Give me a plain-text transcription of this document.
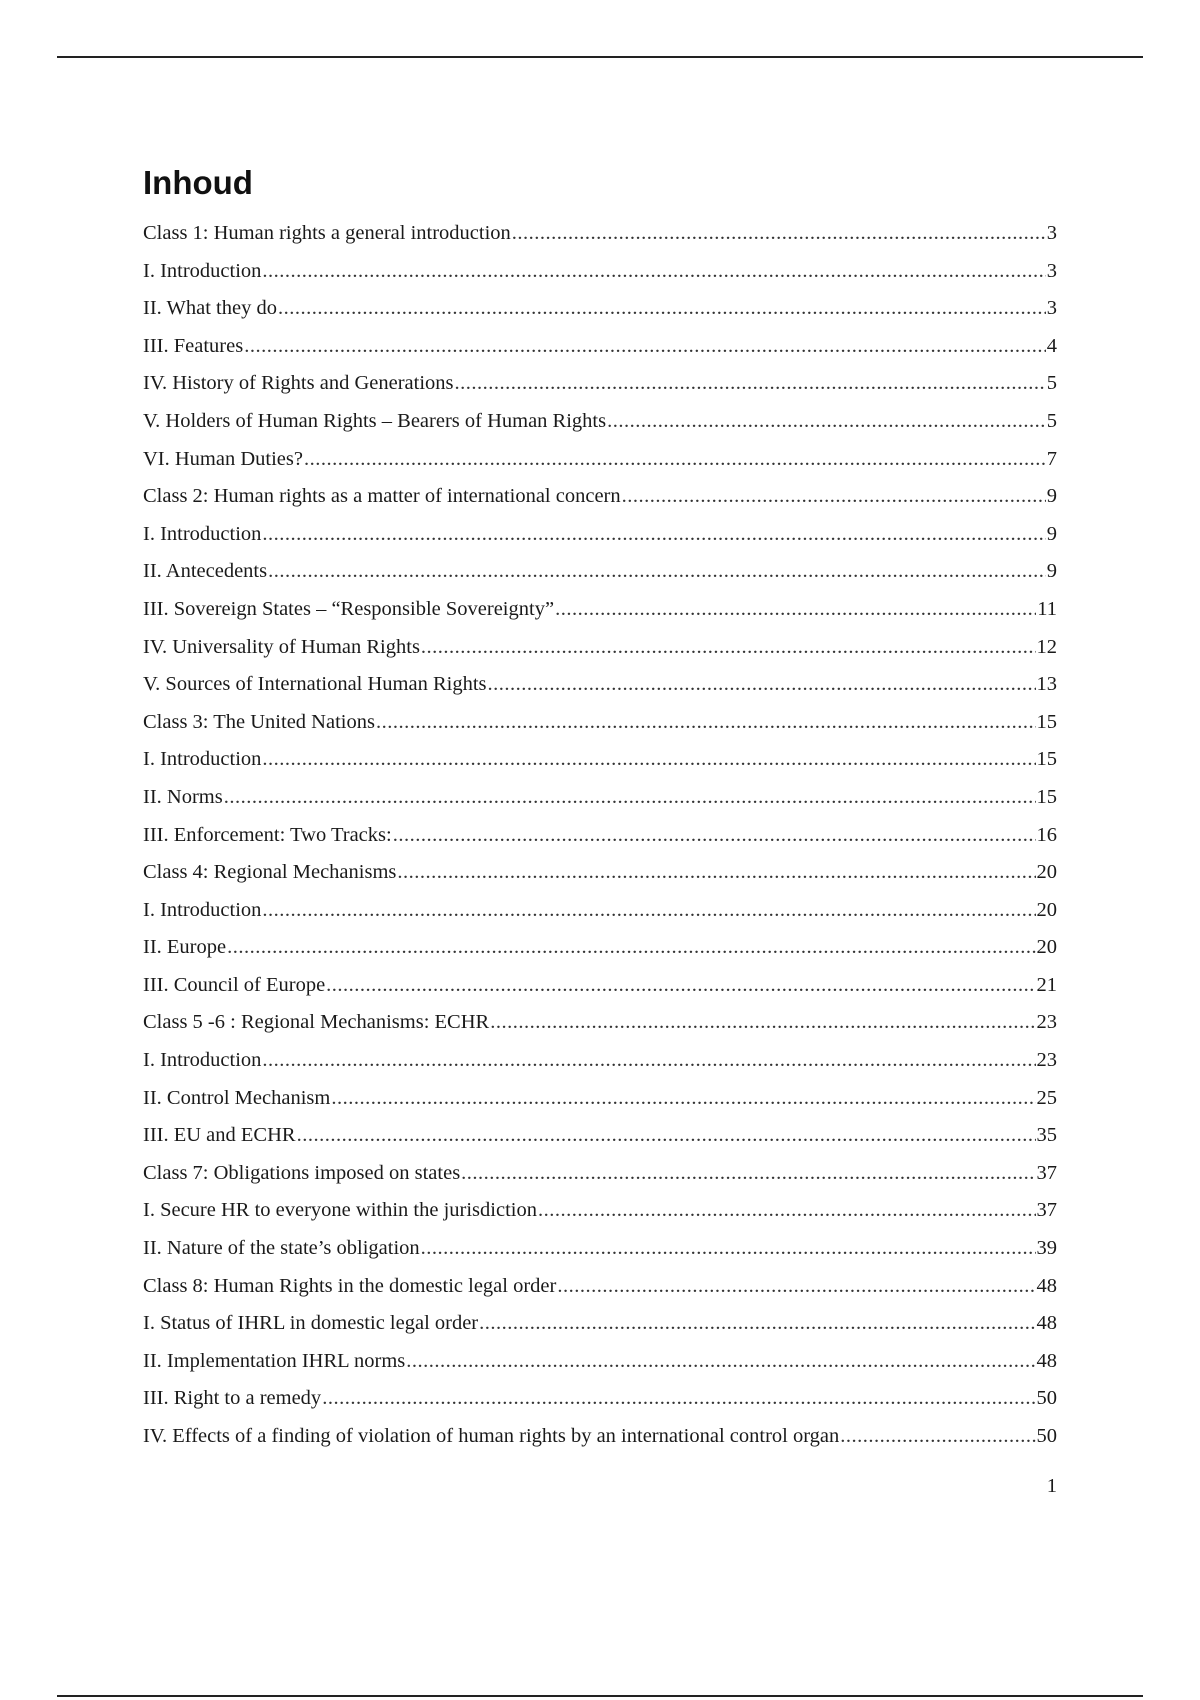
Inhoud
Class 1: Human rights a general introduction .....	3
I. Introduction .....	3
II. What they do .....	3
III. Features .....	4
IV. History of Rights and Generations .....	5
V. Holders of Human Rights – Bearers of Human Rights .....	5
VI. Human Duties? .....	7
Class 2: Human rights as a matter of international concern .....	9
I. Introduction .....	9
II. Antecedents .....	9
III. Sovereign States – “Responsible Sovereignty” .....	11
IV. Universality of Human Rights .....	12
V. Sources of International Human Rights .....	13
Class 3: The United Nations .....	15
I. Introduction .....	15
II. Norms .....	15
III. Enforcement: Two Tracks: .....	16
Class 4: Regional Mechanisms .....	20
I. Introduction .....	20
II. Europe .....	20
III. Council of Europe .....	21
Class 5 -6 : Regional Mechanisms: ECHR .....	23
I. Introduction .....	23
II. Control Mechanism .....	25
III. EU and ECHR .....	35
Class 7: Obligations imposed on states .....	37
I. Secure HR to everyone within the jurisdiction .....	37
II. Nature of the state’s obligation .....	39
Class 8: Human Rights in the domestic legal order .....	48
I. Status of IHRL in domestic legal order .....	48
II. Implementation IHRL norms .....	48
III. Right to a remedy .....	50
IV. Effects of a finding of violation of human rights by an international control organ .....	50
1
